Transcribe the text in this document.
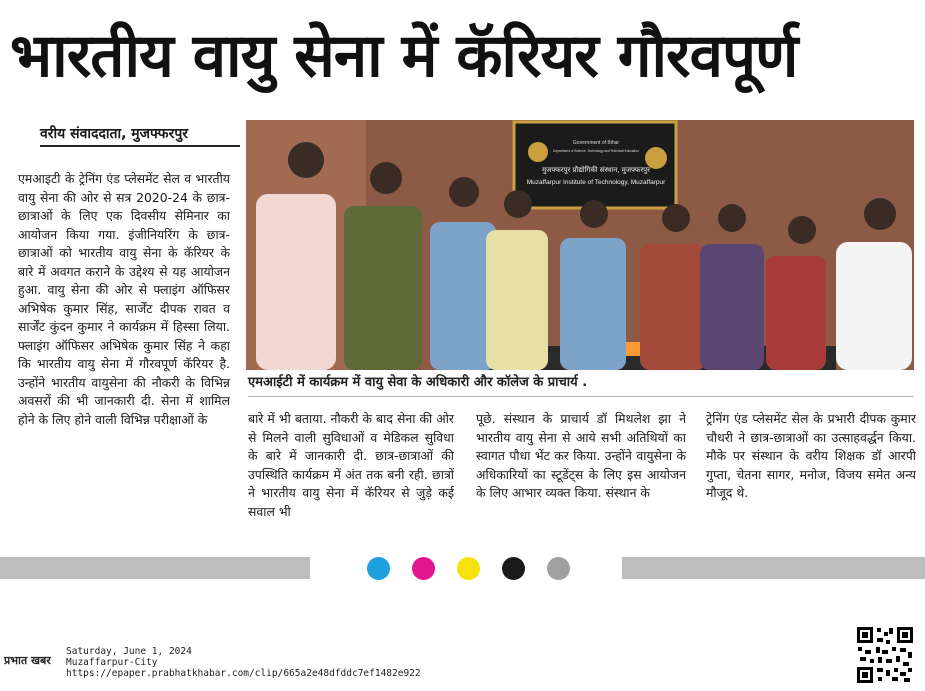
भारतीय वायु सेना में कॅरियर गौरवपूर्ण

वरीय संवाददाता, मुजफ्फरपुर

एमआइटी के ट्रेनिंग एंड प्लेसमेंट सेल व भारतीय वायु सेना की ओर से सत्र 2020-24 के छात्र-छात्राओं के लिए एक दिवसीय सेमिनार का आयोजन किया गया. इंजीनियरिंग के छात्र-छात्राओं को भारतीय वायु सेना के कॅरियर के बारे में अवगत कराने के उद्देश्य से यह आयोजन हुआ. वायु सेना की ओर से फ्लाइंग ऑफिसर अभिषेक कुमार सिंह, सार्जेंट दीपक रावत व सार्जेंट कुंदन कुमार ने कार्यक्रम में हिस्सा लिया. फ्लाइंग ऑफिसर अभिषेक कुमार सिंह ने कहा कि भारतीय वायु सेना में गौरवपूर्ण कॅरियर है. उन्होंने भारतीय वायुसेना की नौकरी के विभिन्न अवसरों की भी जानकारी दी. सेना में शामिल होने के लिए होने वाली विभिन्न परीक्षाओं के

Government of Bihar
Department of Science, Technology and Technical Education
मुजफ्फरपुर प्रौद्योगिकी संस्थान, मुजफ्फरपुर
Muzaffarpur Institute of Technology, Muzaffarpur

एमआईटी में कार्यक्रम में वायु सेवा के अधिकारी और कॉलेज के प्राचार्य .

बारे में भी बताया. नौकरी के बाद सेना की ओर से मिलने वाली सुविधाओं व मेडिकल सुविधा के बारे में जानकारी दी. छात्र-छात्राओं की उपस्थिति कार्यक्रम में अंत तक बनी रही. छात्रों ने भारतीय वायु सेना में कॅरियर से जुड़े कई सवाल भी

पूछे. संस्थान के प्राचार्य डॉ मिथलेश झा ने भारतीय वायु सेना से आये सभी अतिथियों का स्वागत पौधा भेंट कर किया. उन्होंने वायुसेना के अधिकारियों का स्टूडेंट्स के लिए इस आयोजन के लिए आभार व्यक्त किया. संस्थान के

ट्रेनिंग एंड प्लेसमेंट सेल के प्रभारी दीपक कुमार चौधरी ने छात्र-छात्राओं का उत्साहवर्द्धन किया. मौके पर संस्थान के वरीय शिक्षक डॉ आरपी गुप्ता, चेतना सागर, मनोज, विजय समेत अन्य मौजूद थे.

प्रभात खबर

Saturday, June 1, 2024

Muzaffarpur-City

https://epaper.prabhatkhabar.com/clip/665a2e48dfddc7ef1482e922
